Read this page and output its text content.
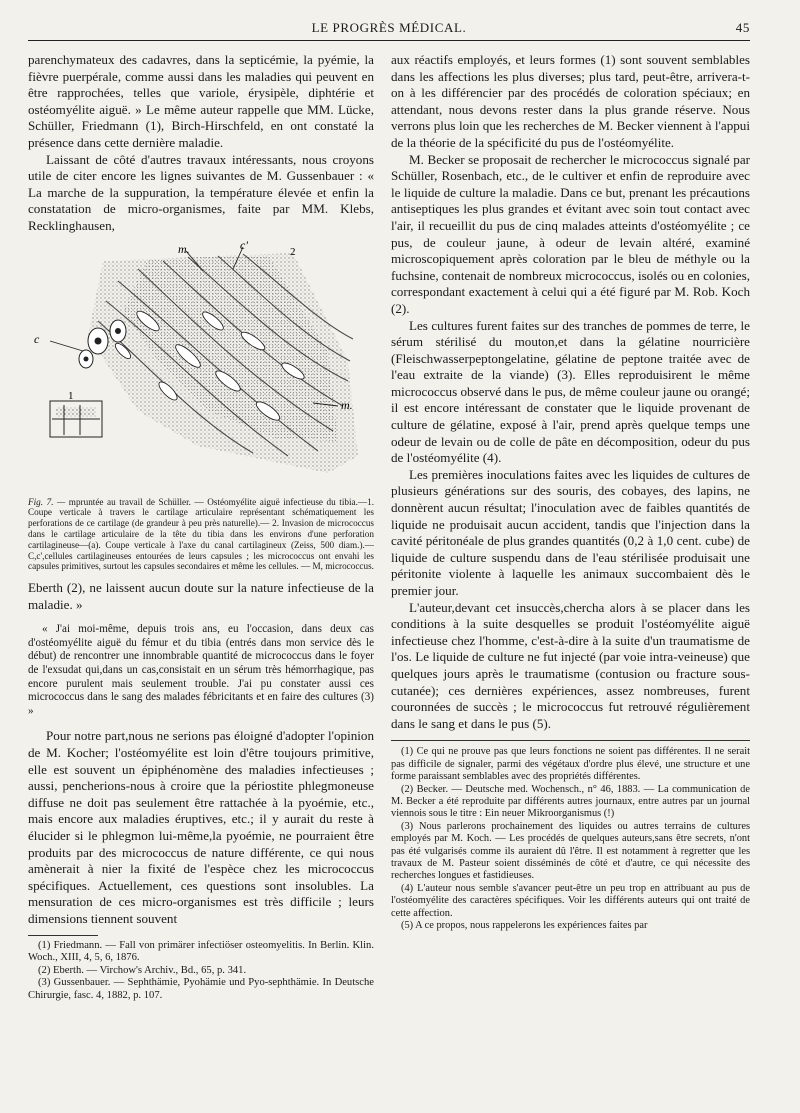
LE PROGRÈS MÉDICAL.	45

parenchymateux des cadavres, dans la septicémie, la pyémie, la fièvre puerpérale, comme aussi dans les maladies qui peuvent en être rapprochées, telles que variole, érysipèle, diphtérie et ostéomyélite aiguë. » Le même auteur rappelle que MM. Lücke, Schüller, Friedmann (1), Birch-Hirschfeld, en ont constaté la présence dans cette dernière maladie.

Laissant de côté d'autres travaux intéressants, nous croyons utile de citer encore les lignes suivantes de M. Gussenbauer : « La marche de la suppuration, la température élevée et enfin la constatation de micro-organismes, faite par MM. Klebs, Recklinghausen,

m.	c'
c
2
1
m.

Fig. 7. — mpruntée au travail de Schüller. — Ostéomyélite aiguë infectieuse du tibia.—1. Coupe verticale à travers le cartilage articulaire représentant schématiquement les perforations de ce cartilage (de grandeur à peu près naturelle).— 2. Invasion de micrococcus dans le cartilage articulaire de la tête du tibia dans les environs d'une perforation cartilagineuse—(a). Coupe verticale à l'axe du canal cartilagineux (Zeiss, 500 diam.).—C,c',cellules cartilagineuses entourées de leurs capsules ; les micrococcus ont envahi les capsules primitives, surtout les capsules secondaires et même les cellules. — M, micrococcus.

Eberth (2), ne laissent aucun doute sur la nature infectieuse de la maladie. »

« J'ai moi-même, depuis trois ans, eu l'occasion, dans deux cas d'ostéomyélite aiguë du fémur et du tibia (entrés dans mon service dès le début) de rencontrer une innombrable quantité de micrococcus dans le foyer de l'exsudat qui,dans un cas,consistait en un sérum très hémorrhagique, pas encore purulent mais seulement trouble. J'ai pu constater aussi ces micrococcus dans le sang des malades fébricitants et en faire des cultures (3) »

Pour notre part,nous ne serions pas éloigné d'adopter l'opinion de M. Kocher; l'ostéomyélite est loin d'être toujours primitive, elle est souvent un épiphénomène des maladies infectieuses ; aussi, pencherions-nous à croire que la périostite phlegmoneuse diffuse ne doit pas seulement être rattachée à la pyoémie, etc., mais encore aux maladies éruptives, etc.; il y aurait du reste à élucider si le phlegmon lui-même,la pyoémie, ne pourraient être produits par des micrococcus de nature différente, ce qui nous amènerait à nier la fixité de l'espèce chez les micrococcus spécifiques. Actuellement, ces questions sont insolubles. La mensuration de ces micro-organismes est très difficile ; leurs dimensions tiennent souvent

(1) Friedmann. — Fall von primärer infectiöser osteomyelitis. In Berlin. Klin. Woch., XIII, 4, 5, 6, 1876.

(2) Eberth. — Virchow's Archiv., Bd., 65, p. 341.

(3) Gussenbauer. — Sephthämie, Pyohämie und Pyo-sephthämie. In Deutsche Chirurgie, fasc. 4, 1882, p. 107.

aux réactifs employés, et leurs formes (1) sont souvent semblables dans les affections les plus diverses; plus tard, peut-être, arrivera-t-on à les différencier par des procédés de coloration spéciaux; en attendant, nous devons rester dans la plus grande réserve. Nous verrons plus loin que les recherches de M. Becker viennent à l'appui de la théorie de la spécificité du pus de l'ostéomyélite.

M. Becker se proposait de rechercher le micrococcus signalé par Schüller, Rosenbach, etc., de le cultiver et enfin de reproduire avec le liquide de culture la maladie. Dans ce but, prenant les précautions antiseptiques les plus grandes et évitant avec soin tout contact avec l'air, il recueillit du pus de cinq malades atteints d'ostéomyélite ; ce pus, de couleur jaune, à odeur de levain altéré, examiné microscopiquement après coloration par le bleu de méthyle ou la fuchsine, contenait de nombreux micrococcus, isolés ou en colonies, correspondant exactement à celui qui a été figuré par M. Rob. Koch (2).

Les cultures furent faites sur des tranches de pommes de terre, le sérum stérilisé du mouton,et dans la gélatine nourricière (Fleischwasserpeptongelatine, gélatine de peptone traitée avec de l'eau extraite de la viande) (3). Elles reproduisirent le même micrococcus observé dans le pus, de même couleur jaune ou orangé; il est encore intéressant de constater que le liquide provenant de culture de gélatine, exposé à l'air, prend après quelque temps une odeur de levain ou de colle de pâte en décomposition, odeur du pus de l'ostéomyélite (4).

Les premières inoculations faites avec les liquides de cultures de plusieurs générations sur des souris, des cobayes, des lapins, ne donnèrent aucun résultat; l'inoculation avec de faibles quantités de liquide ne produisait aucun accident, tandis que l'injection dans la cavité péritonéale de plus grandes quantités (0,2 à 1,0 cent. cube) de liquide de culture suspendu dans de l'eau stérilisée produisait une péritonite violente à laquelle les animaux succombaient dès le premier jour.

L'auteur,devant cet insuccès,chercha alors à se placer dans les conditions à la suite desquelles se produit l'ostéomyélite aiguë infectieuse chez l'homme, c'est-à-dire à la suite d'un traumatisme de l'os. Le liquide de culture ne fut injecté (par voie intra-veineuse) que quelques jours après le traumatisme (contusion ou fracture sous-cutanée); ces dernières expériences, assez nombreuses, furent couronnées de succès ; le micrococcus fut retrouvé régulièrement dans le sang et dans le pus (5).

(1) Ce qui ne prouve pas que leurs fonctions ne soient pas différentes. Il ne serait pas difficile de signaler, parmi des végétaux d'ordre plus élevé, une structure et une forme paraissant semblables avec des propriétés différentes.

(2) Becker. — Deutsche med. Wochensch., n° 46, 1883. — La communication de M. Becker a été reproduite par différents autres journaux, entre autres par un journal viennois sous le titre : Ein neuer Mikroorganismus (!)

(3) Nous parlerons prochainement des liquides ou autres terrains de cultures employés par M. Koch. — Les procédés de quelques auteurs,sans être secrets, n'ont pas été vulgarisés comme ils auraient dû l'être. Il est notamment à regretter que les travaux de M. Pasteur soient disséminés de côté et d'autre, ce qui nécessite des recherches longues et fastidieuses.

(4) L'auteur nous semble s'avancer peut-être un peu trop en attribuant au pus de l'ostéomyélite des caractères spécifiques. Voir les différents auteurs qui ont traité de cette affection.

(5) A ce propos, nous rappelerons les expériences faites par
